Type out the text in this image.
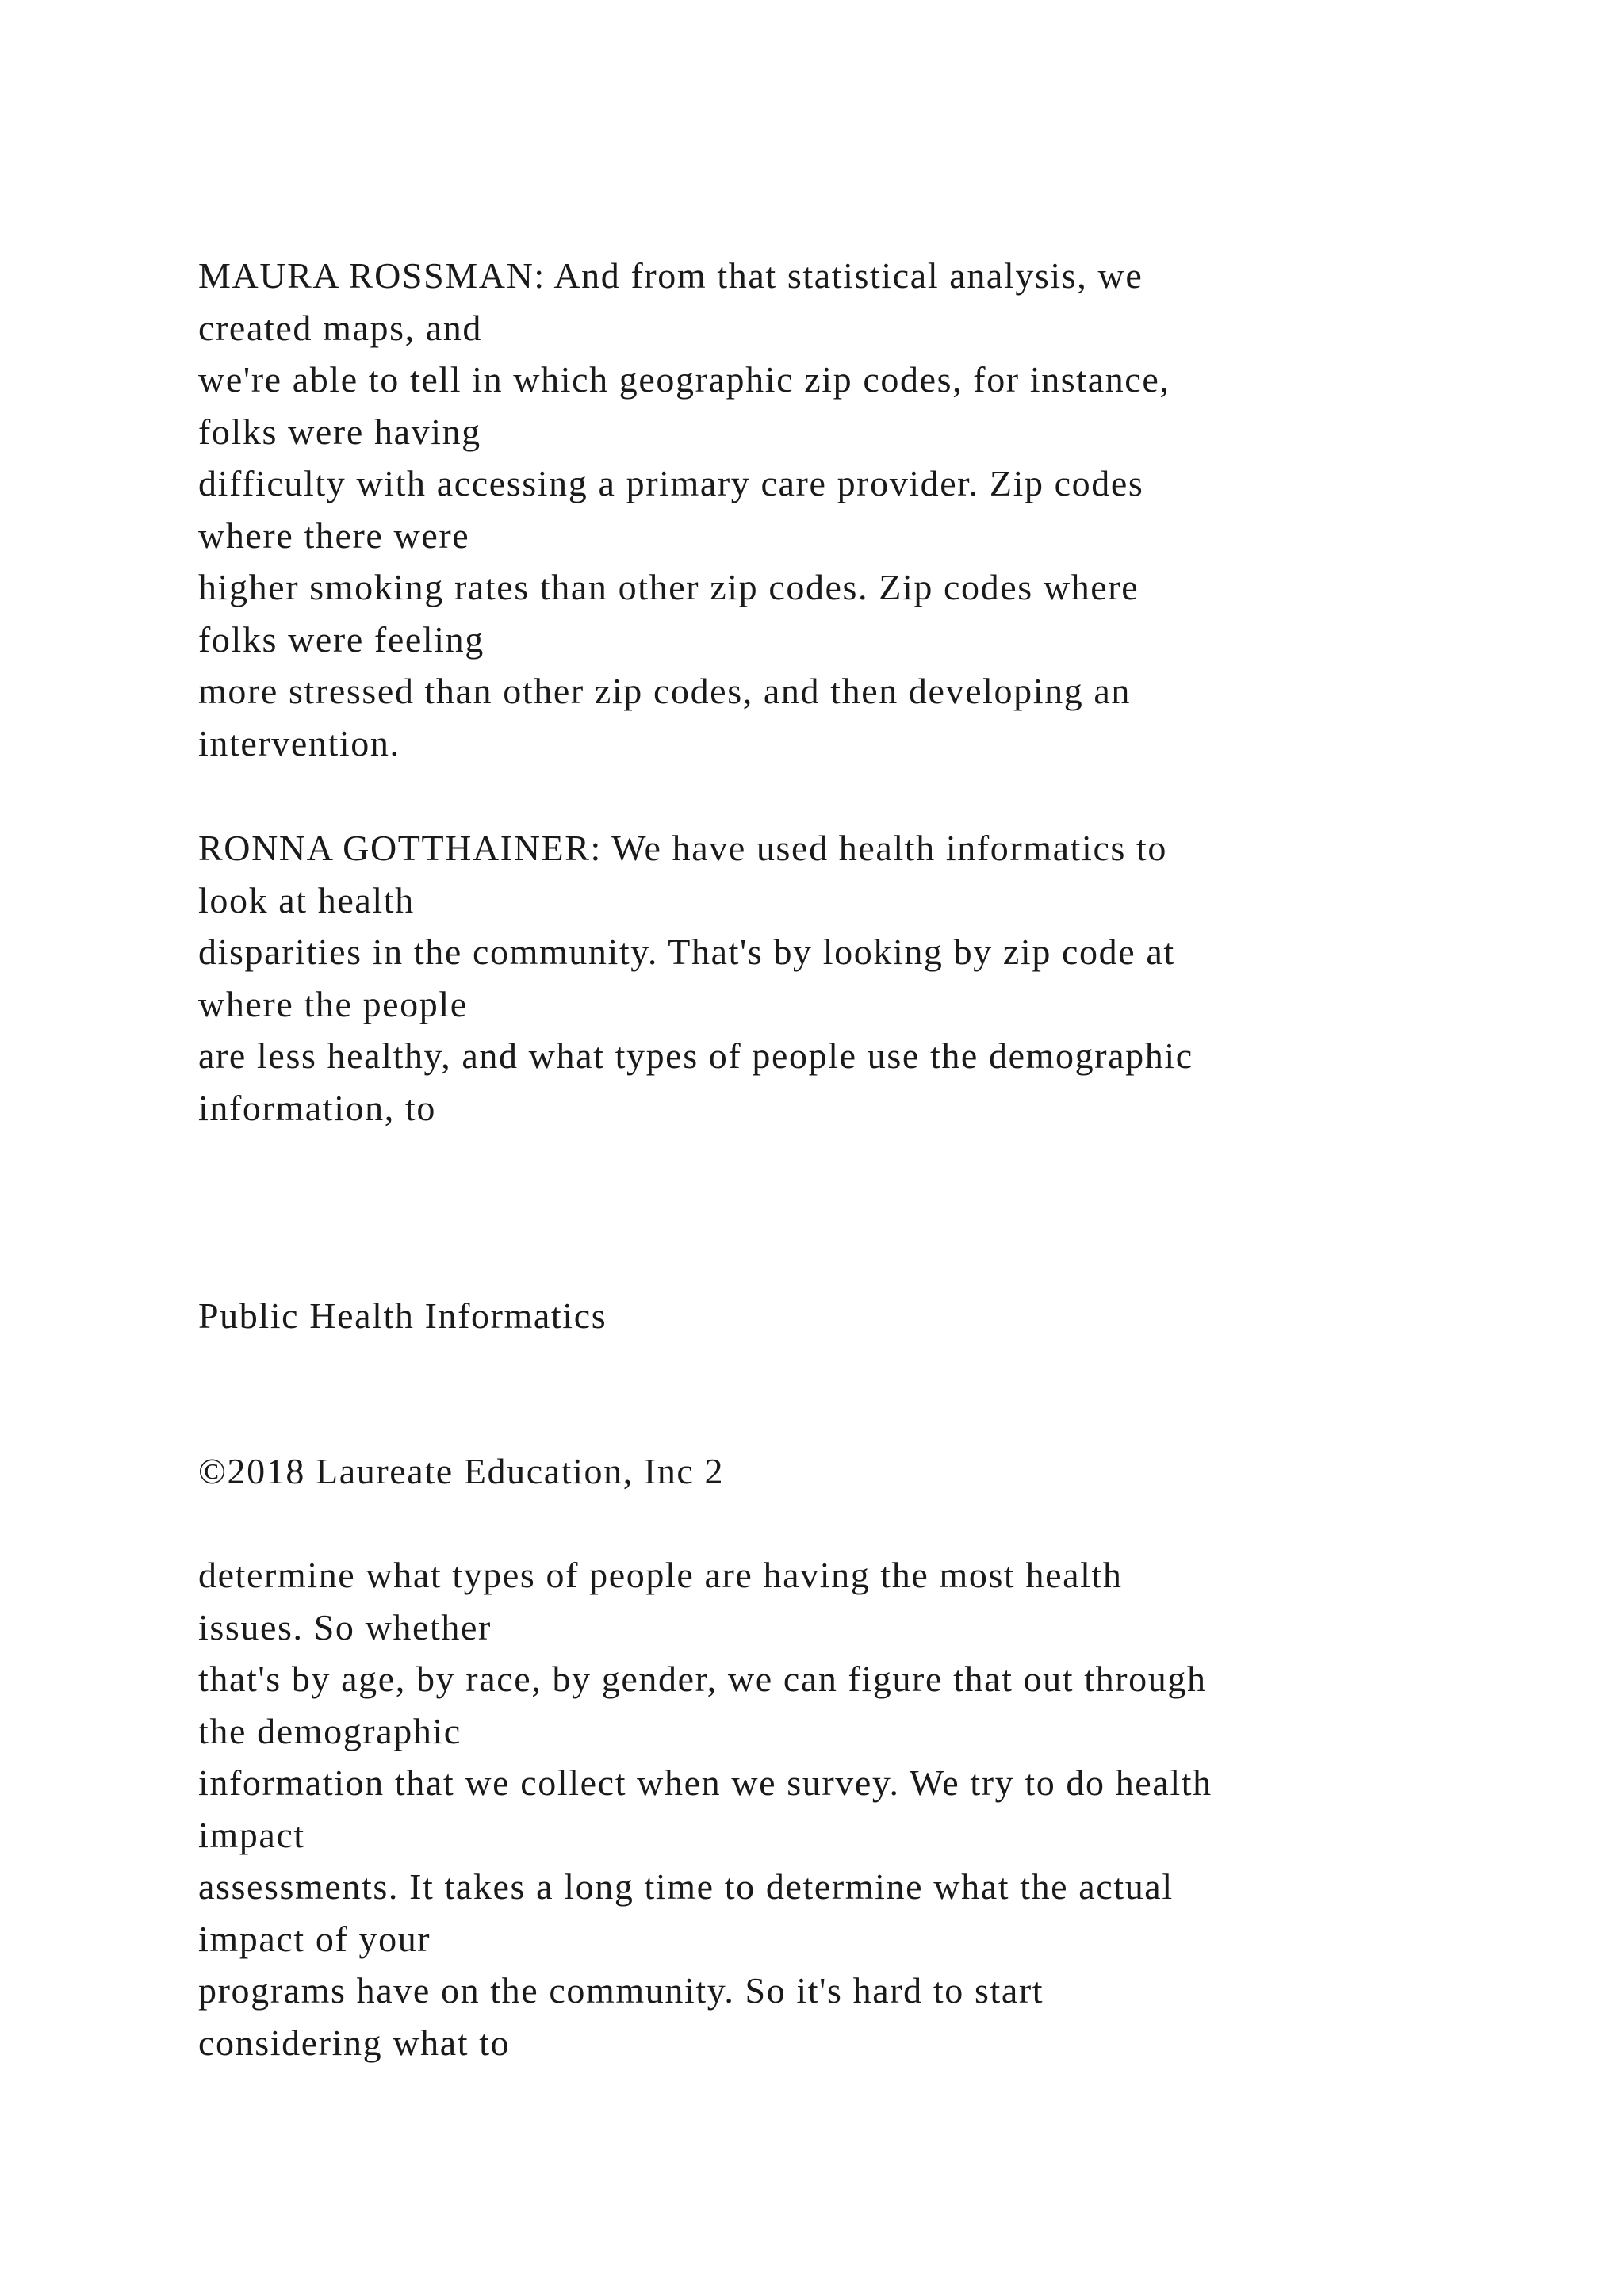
MAURA ROSSMAN: And from that statistical analysis, we
created maps, and
we're able to tell in which geographic zip codes, for instance,
folks were having
difficulty with accessing a primary care provider. Zip codes
where there were
higher smoking rates than other zip codes. Zip codes where
folks were feeling
more stressed than other zip codes, and then developing an
intervention.
RONNA GOTTHAINER: We have used health informatics to
look at health
disparities in the community. That's by looking by zip code at
where the people
are less healthy, and what types of people use the demographic
information, to
Public Health Informatics
©2018 Laureate Education, Inc 2
determine what types of people are having the most health
issues. So whether
that's by age, by race, by gender, we can figure that out through
the demographic
information that we collect when we survey. We try to do health
impact
assessments. It takes a long time to determine what the actual
impact of your
programs have on the community. So it's hard to start
considering what to
